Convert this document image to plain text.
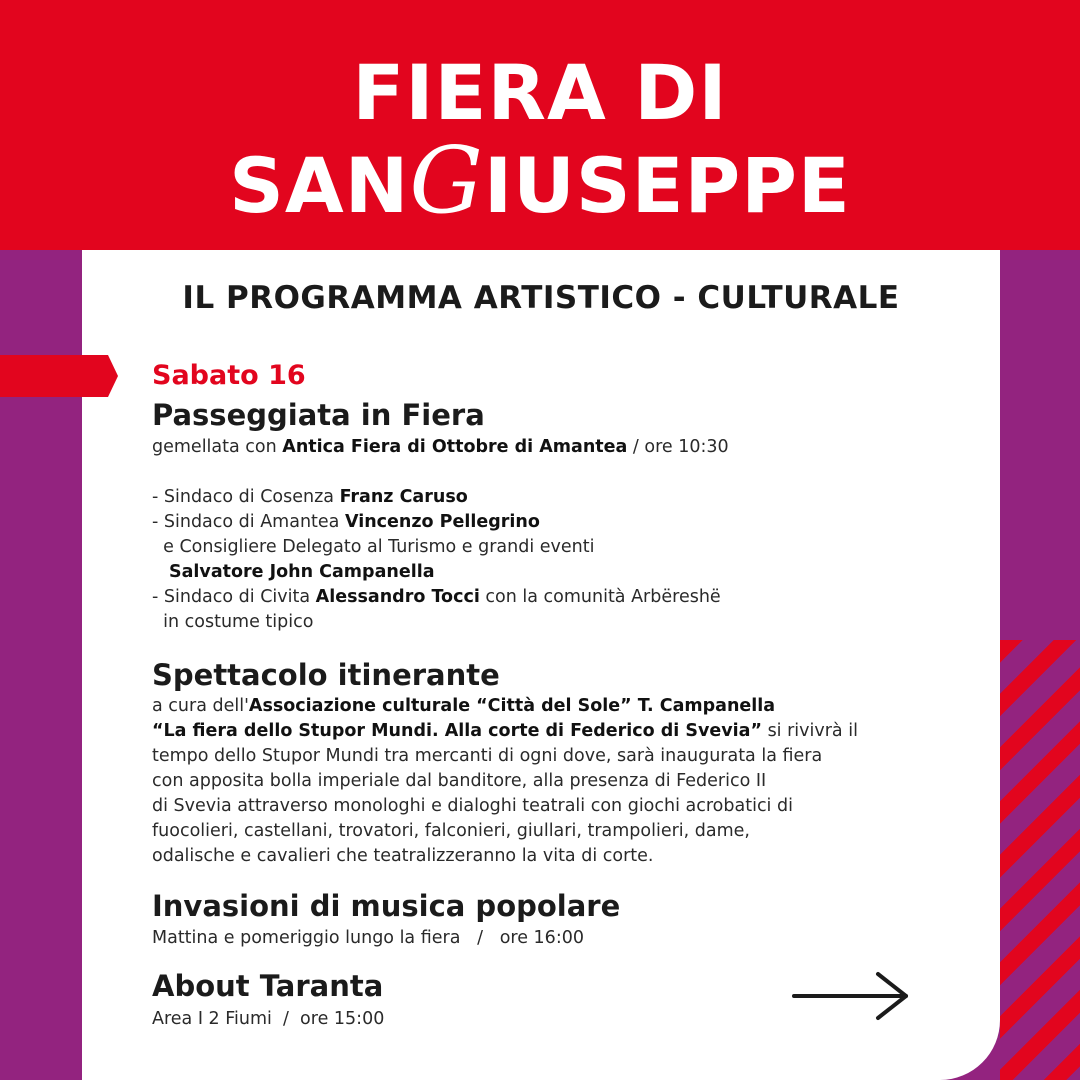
FIERA DI
SANGIUSEPPE
IL PROGRAMMA ARTISTICO - CULTURALE
Sabato 16
Passeggiata in Fiera
gemellata con Antica Fiera di Ottobre di Amantea / ore 10:30
- Sindaco di Cosenza Franz Caruso
- Sindaco di Amantea Vincenzo Pellegrino
e Consigliere Delegato al Turismo e grandi eventi
Salvatore John Campanella
- Sindaco di Civita Alessandro Tocci con la comunità Arbëreshë
in costume tipico
Spettacolo itinerante
a cura dell'Associazione culturale “Città del Sole” T. Campanella
“La fiera dello Stupor Mundi. Alla corte di Federico di Svevia” si rivivrà il
tempo dello Stupor Mundi tra mercanti di ogni dove, sarà inaugurata la fiera
con apposita bolla imperiale dal banditore, alla presenza di Federico II
di Svevia attraverso monologhi e dialoghi teatrali con giochi acrobatici di
fuocolieri, castellani, trovatori, falconieri, giullari, trampolieri, dame,
odalische e cavalieri che teatralizzeranno la vita di corte.
Invasioni di musica popolare
Mattina e pomeriggio lungo la fiera   /   ore 16:00
About Taranta
Area I 2 Fiumi  /  ore 15:00
